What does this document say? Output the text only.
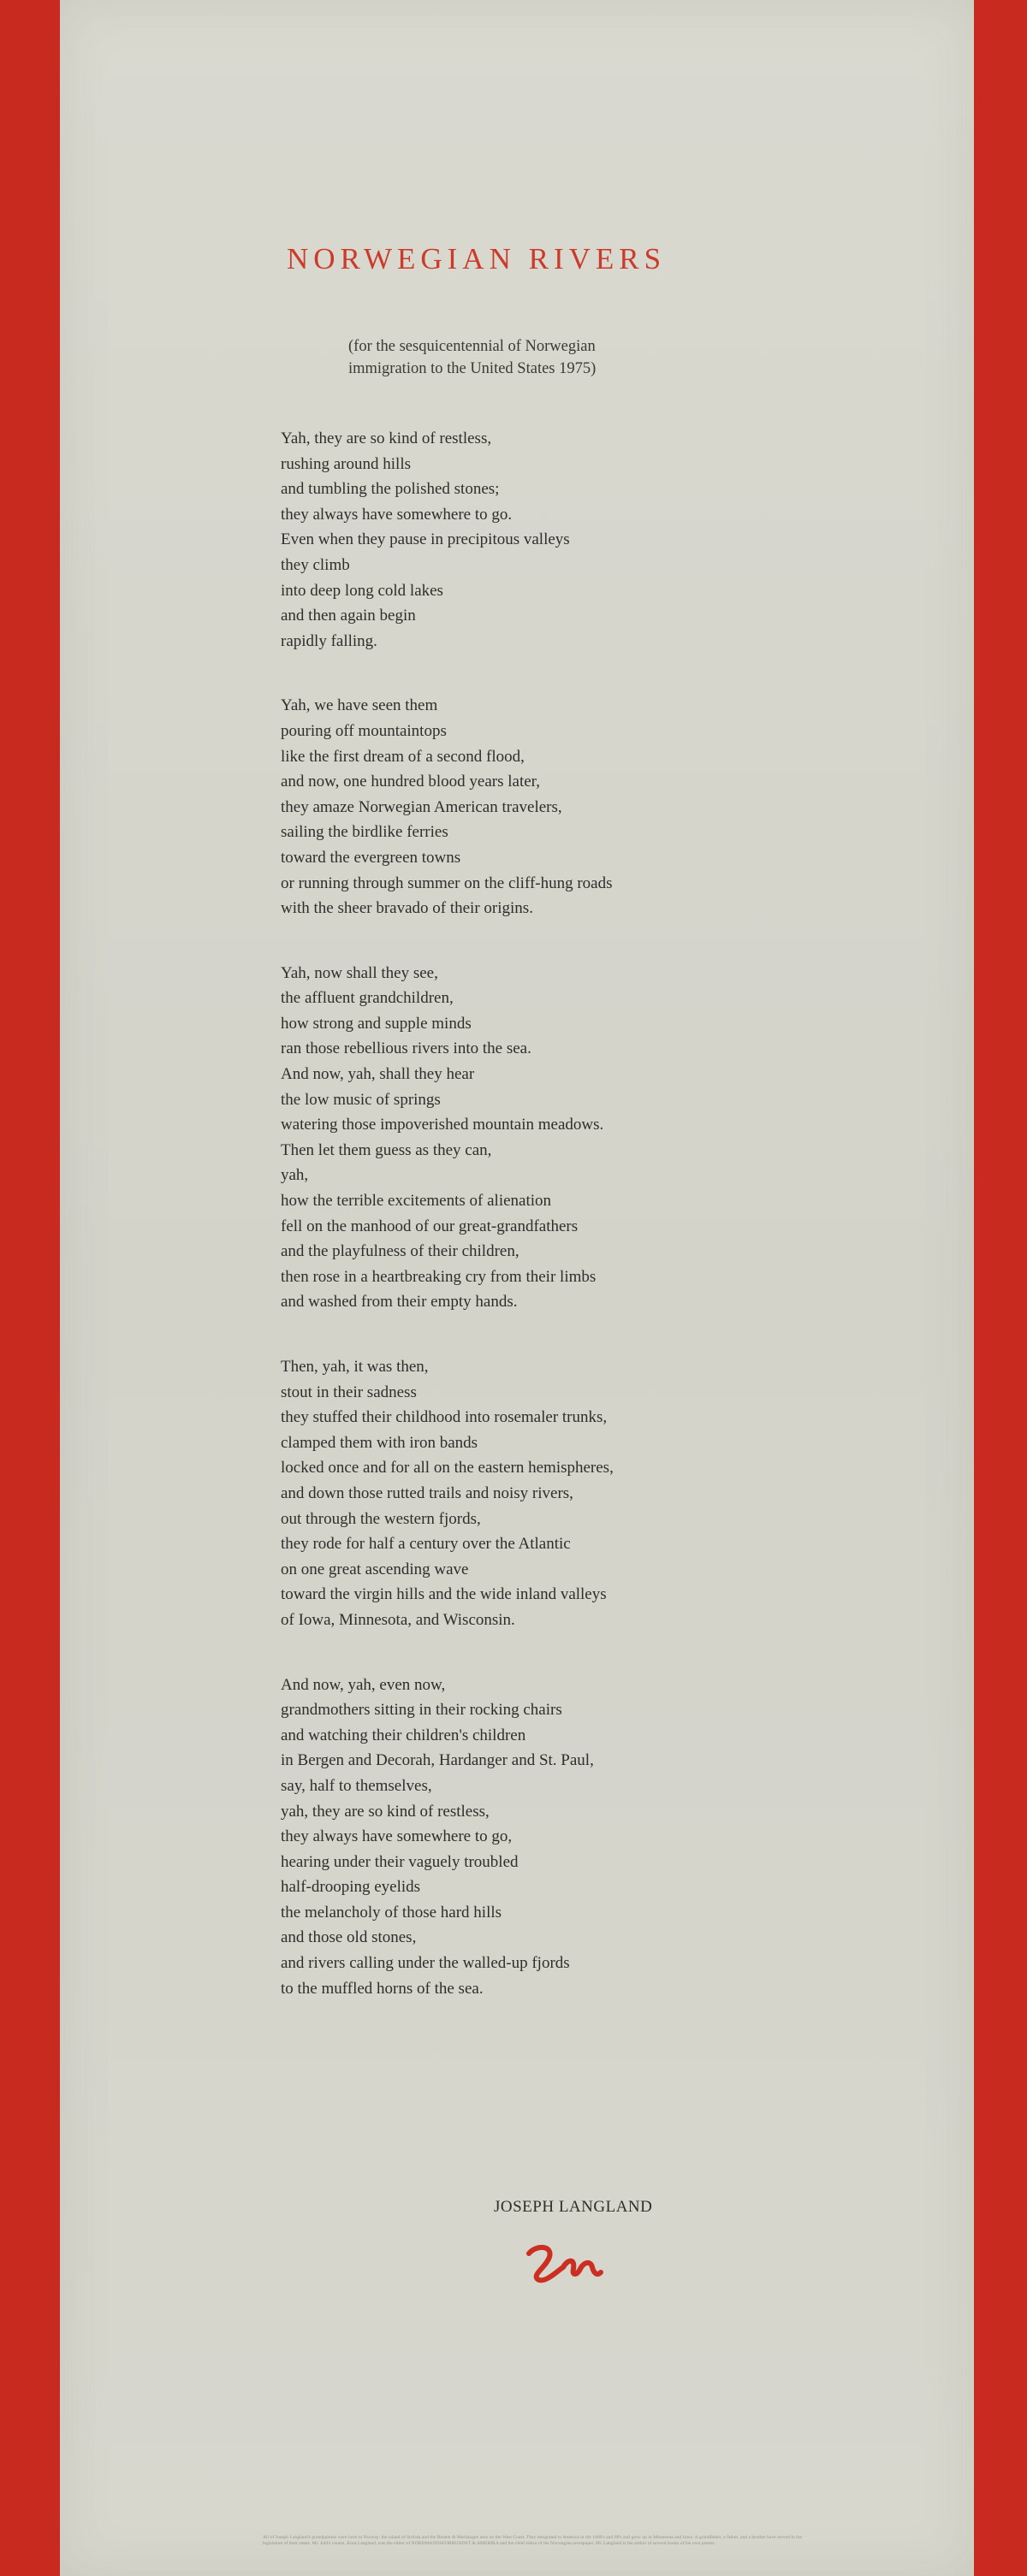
NORWEGIAN RIVERS
(for the sesquicentennial of Norwegian
immigration to the United States 1975)
Yah, they are so kind of restless,
rushing around hills
and tumbling the polished stones;
they always have somewhere to go.
Even when they pause in precipitous valleys
they climb
into deep long cold lakes
and then again begin
rapidly falling.
Yah, we have seen them
pouring off mountaintops
like the first dream of a second flood,
and now, one hundred blood years later,
they amaze Norwegian American travelers,
sailing the birdlike ferries
toward the evergreen towns
or running through summer on the cliff-hung roads
with the sheer bravado of their origins.
Yah, now shall they see,
the affluent grandchildren,
how strong and supple minds
ran those rebellious rivers into the sea.
And now, yah, shall they hear
the low music of springs
watering those impoverished mountain meadows.
Then let them guess as they can,
yah,
how the terrible excitements of alienation
fell on the manhood of our great-grandfathers
and the playfulness of their children,
then rose in a heartbreaking cry from their limbs
and washed from their empty hands.
Then, yah, it was then,
stout in their sadness
they stuffed their childhood into rosemaler trunks,
clamped them with iron bands
locked once and for all on the eastern hemispheres,
and down those rutted trails and noisy rivers,
out through the western fjords,
they rode for half a century over the Atlantic
on one great ascending wave
toward the virgin hills and the wide inland valleys
of Iowa, Minnesota, and Wisconsin.
And now, yah, even now,
grandmothers sitting in their rocking chairs
and watching their children's children
in Bergen and Decorah, Hardanger and St. Paul,
say, half to themselves,
yah, they are so kind of restless,
they always have somewhere to go,
hearing under their vaguely troubled
half-drooping eyelids
the melancholy of those hard hills
and those old stones,
and rivers calling under the walled-up fjords
to the muffled horns of the sea.
JOSEPH LANGLAND
All of Joseph Langland's grandparents were born in Norway: the island of Strinda and the Reinen & Merhaugen area on the West Coast. They emigrated to America in the 1800's and 60's and grew up in Minnesota and Iowa. A grandfather, a father, and a brother have served in the legislature of their states. Mr. Juhl's cousin, Knut Langland, was the editor of NORDMANDSFORBUNDET & AMERIKA and the chief editor of the Norwegian newspaper. Mr. Langland is the author of several books of his own poems.
